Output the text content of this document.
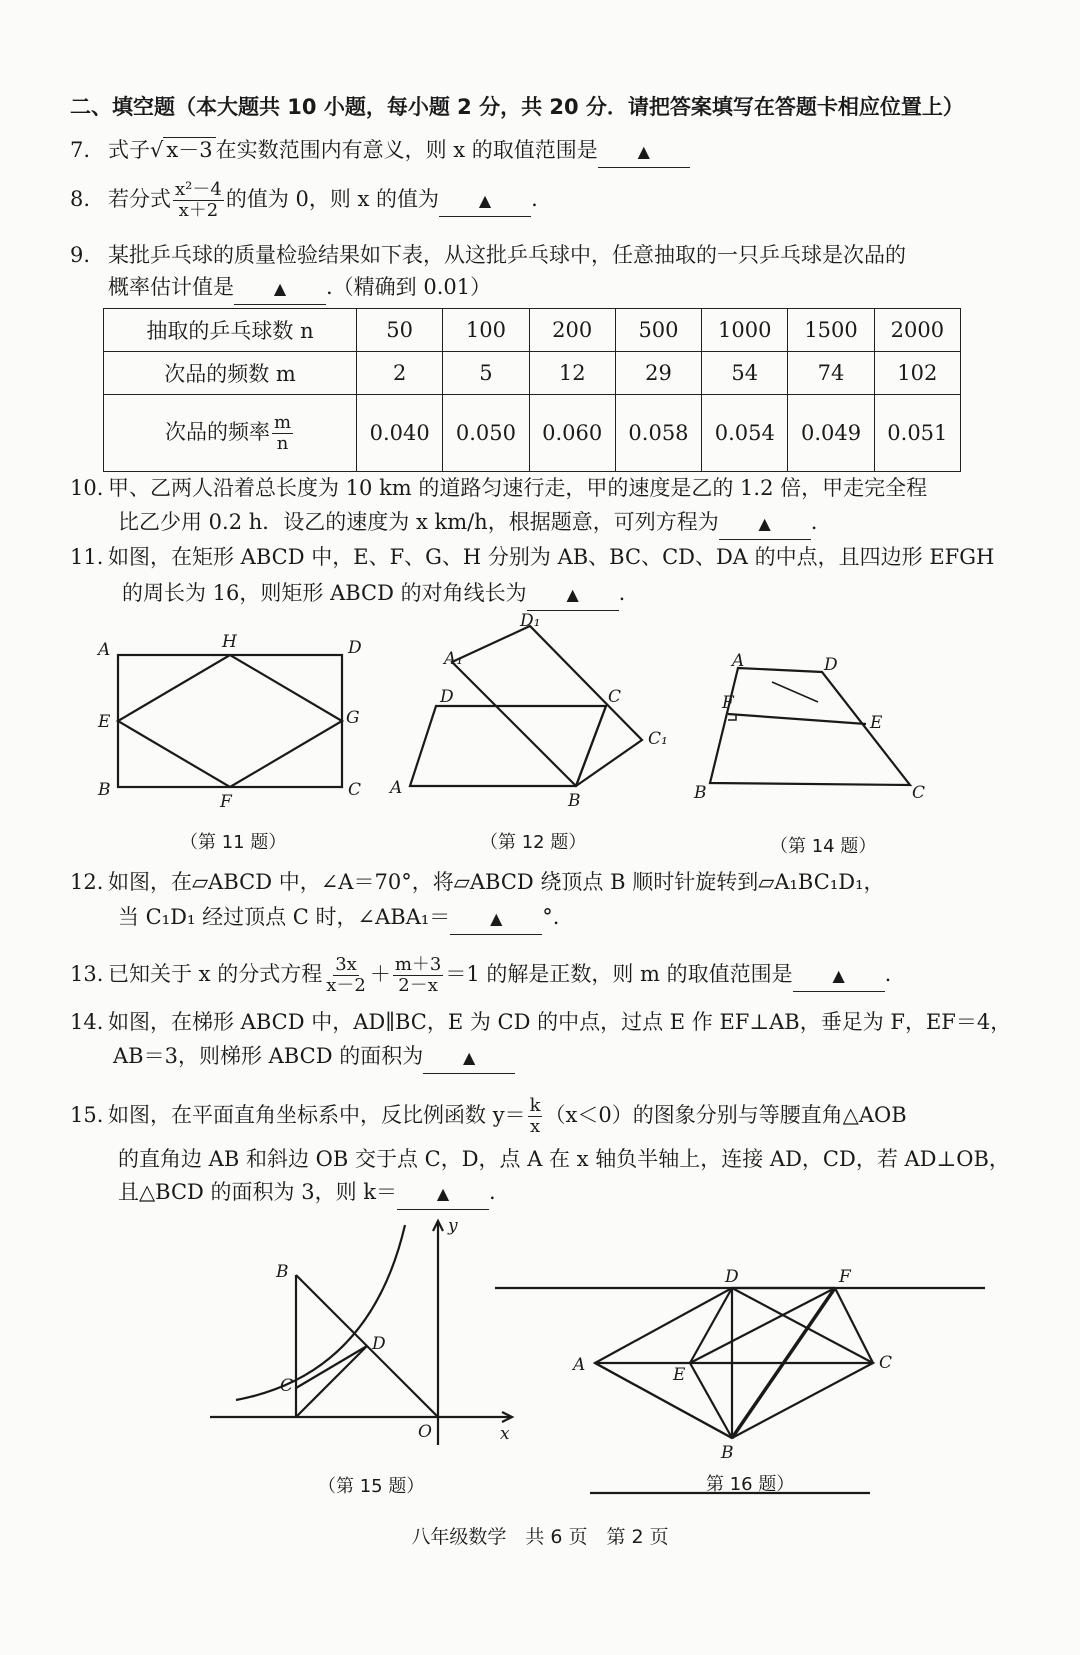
二、填空题（本大题共 10 小题，每小题 2 分，共 20 分．请把答案填写在答题卡相应位置上）
7. 式子√ x－3 在实数范围内有意义，则 x 的取值范围是 ▲
8. 若分式 $\frac{\text{x²－4}}{x+2}$ 的值为 0，则 x 的值为 ▲ .
9. 某批乒乓球的质量检验结果如下表，从这批乒乓球中，任意抽取的一只乒乓球是次品的
概率估计值是 ▲ .（精确到 0.01）
抽取的乒乓球数 n	50	100	200	500	1000	1500	2000
次品的频数 m	2	5	12	29	54	74	102
次品的频率 $\frac{m}{n}$	0.040	0.050	0.060	0.058	0.054	0.049	0.051
10. 甲、乙两人沿着总长度为 10 km 的道路匀速行走，甲的速度是乙的 1.2 倍，甲走完全程
比乙少用 0.2 h．设乙的速度为 x km/h，根据题意，可列方程为 ▲ .
11. 如图，在矩形 ABCD 中，E、F、G、H 分别为 AB、BC、CD、DA 的中点，且四边形 EFGH
的周长为 16，则矩形 ABCD 的对角线长为 ▲ .
A	H	D
E	G
B
F
C
（第 11 题）
A
B
C
D
A₁
C₁
D₁
（第 12 题）
A	D
F
E
B	C
（第 14 题）
12. 如图，在▱ABCD 中，∠A＝70°，将▱ABCD 绕顶点 B 顺时针旋转到▱A₁BC₁D₁，
当 C₁D₁ 经过顶点 C 时，∠ABA₁＝ ▲ °.
13. 已知关于 x 的分式方程 $\frac{3x}{x-2} + \frac{m+3}{2-x} =1$ 的解是正数，则 m 的取值范围是 ▲ .
14. 如图，在梯形 ABCD 中，AD∥BC，E 为 CD 的中点，过点 E 作 EF⊥AB，垂足为 F，EF＝4，
AB＝3，则梯形 ABCD 的面积为 ▲
15. 如图，在平面直角坐标系中，反比例函数 $y= \frac{k}{x} (x<0)$的图象分别与等腰直角△AOB
的直角边 AB 和斜边 OB 交于点 C，D，点 A 在 x 轴负半轴上，连接 AD，CD，若 AD⊥OB，
且△BCD 的面积为 3，则 k＝ ▲ .
B
C
D
O	x
y
（第 15 题）
A
D	F
E
C
B
第 16 题）
八年级数学　共 6 页　第 2 页
